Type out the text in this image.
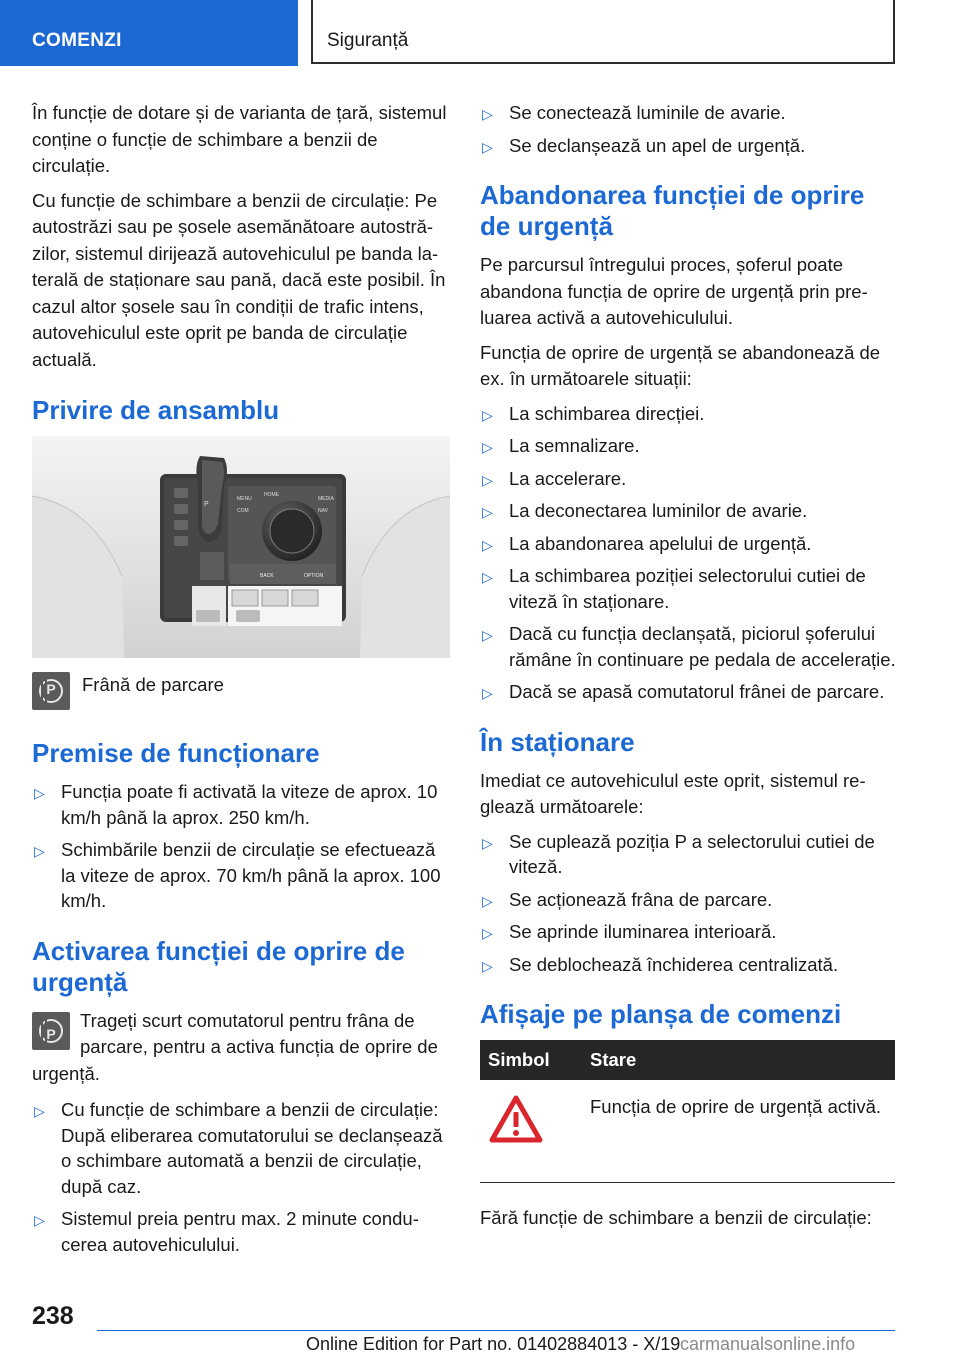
COMENZI	Siguranță

În funcție de dotare și de varianta de țară, sistemul conține o funcție de schimbare a benzii de circulație.

Cu funcție de schimbare a benzii de circulație: Pe autostrăzi sau pe șosele asemănătoare autostrăzilor, sistemul dirijează autovehiculul pe banda laterală de staționare sau pană, dacă este posibil. În cazul altor șosele sau în condiții de trafic intens, autovehiculul este oprit pe banda de circulație actuală.

Privire de ansamblu
MENU
HOME
MEDIA
COM	NAV
BACK	OPTION
P
P	Frână de parcare
Premise de funcționare
▷ Funcția poate fi activată la viteze de aprox. 10 km/h până la aprox. 250 km/h.
▷ Schimbările benzii de circulație se efectuează la viteze de aprox. 70 km/h până la aprox. 100 km/h.
Activarea funcției de oprire de urgență
P
Trageți scurt comutatorul pentru frâna de parcare, pentru a activa funcția de oprire de urgență.
▷ Cu funcție de schimbare a benzii de circulație: După eliberarea comutatorului se declanșează o schimbare automată a benzii de circulație, după caz.
▷ Sistemul preia pentru max. 2 minute conducerea autovehiculului.
▷ Se conectează luminile de avarie.
▷ Se declanșează un apel de urgență.
Abandonarea funcției de oprire de urgență

Pe parcursul întregului proces, șoferul poate abandona funcția de oprire de urgență prin preluarea activă a autovehiculului.

Funcția de oprire de urgență se abandonează de ex. în următoarele situații:

▷ La schimbarea direcției.
▷ La semnalizare.
▷ La accelerare.
▷ La deconectarea luminilor de avarie.
▷ La abandonarea apelului de urgență.
▷ La schimbarea poziției selectorului cutiei de viteză în staționare.
▷ Dacă cu funcția declanșată, piciorul șoferului rămâne în continuare pe pedala de accelerație.
▷ Dacă se apasă comutatorul frânei de parcare.
În staționare

Imediat ce autovehiculul este oprit, sistemul reglează următoarele:

▷ Se cuplează poziția P a selectorului cutiei de viteză.
▷ Se acționează frâna de parcare.
▷ Se aprinde iluminarea interioară.
▷ Se deblochează închiderea centralizată.
Afișaje pe planșa de comenzi
Simbol	Stare
	Funcția de oprire de urgență activă.

Fără funcție de schimbare a benzii de circulație:

238
Online Edition for Part no. 01402884013 - X/19 carmanualsonline.info
